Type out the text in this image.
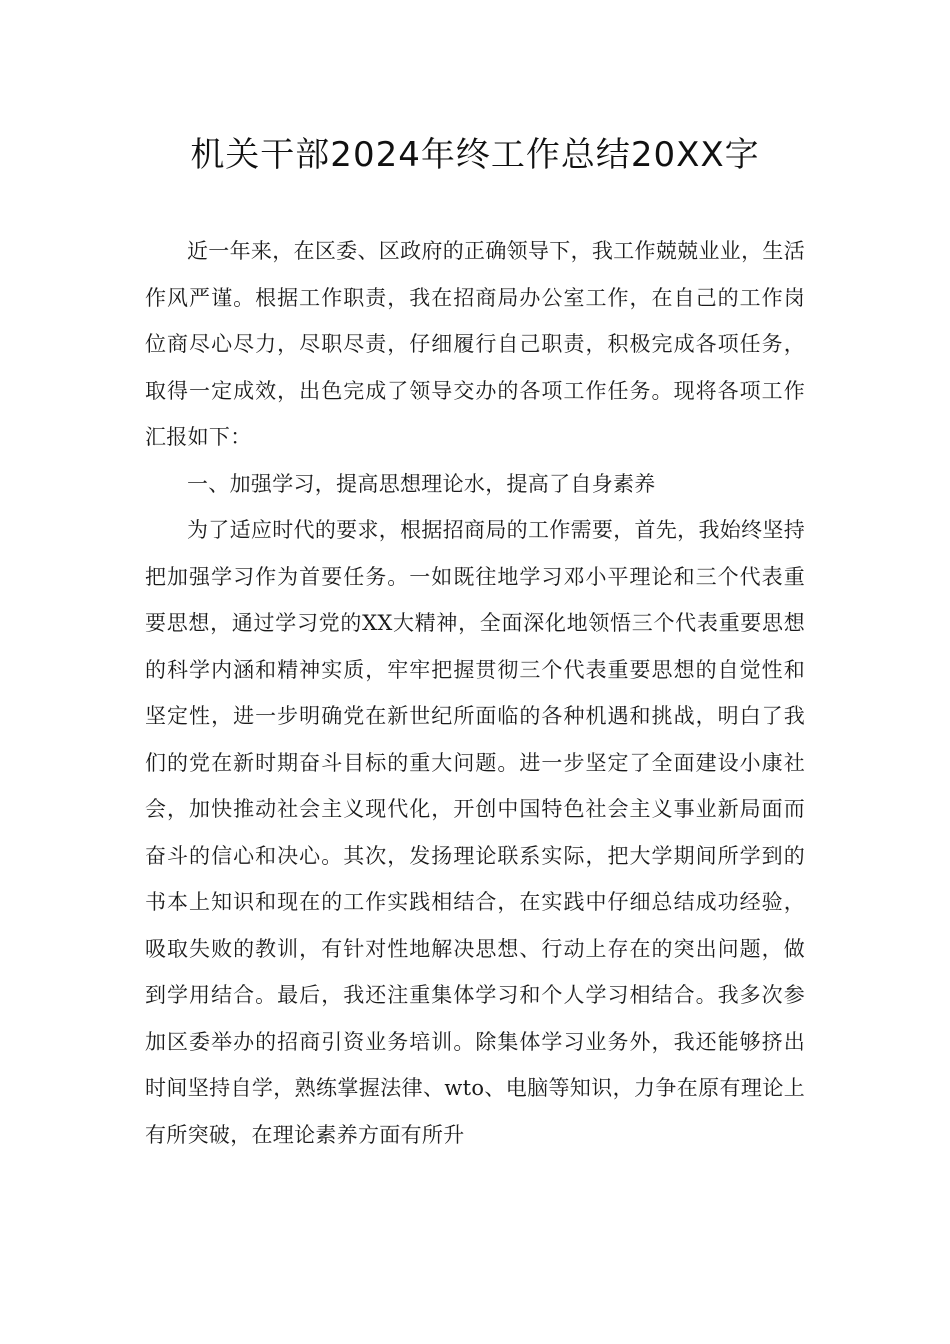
机关干部2024年终工作总结20XX字

近一年来，在区委、区政府的正确领导下，我工作兢兢业业，生活作风严谨。根据工作职责，我在招商局办公室工作，在自己的工作岗位商尽心尽力，尽职尽责，仔细履行自己职责，积极完成各项任务，取得一定成效，出色完成了领导交办的各项工作任务。现将各项工作汇报如下：

一、加强学习，提高思想理论水，提高了自身素养

为了适应时代的要求，根据招商局的工作需要，首先，我始终坚持把加强学习作为首要任务。一如既往地学习邓小平理论和三个代表重要思想，通过学习党的XX大精神，全面深化地领悟三个代表重要思想的科学内涵和精神实质，牢牢把握贯彻三个代表重要思想的自觉性和坚定性，进一步明确党在新世纪所面临的各种机遇和挑战，明白了我们的党在新时期奋斗目标的重大问题。进一步坚定了全面建设小康社会，加快推动社会主义现代化，开创中国特色社会主义事业新局面而奋斗的信心和决心。其次，发扬理论联系实际，把大学期间所学到的书本上知识和现在的工作实践相结合，在实践中仔细总结成功经验，吸取失败的教训，有针对性地解决思想、行动上存在的突出问题，做到学用结合。最后，我还注重集体学习和个人学习相结合。我多次参加区委举办的招商引资业务培训。除集体学习业务外，我还能够挤出时间坚持自学，熟练掌握法律、wto、电脑等知识，力争在原有理论上有所突破，在理论素养方面有所升
